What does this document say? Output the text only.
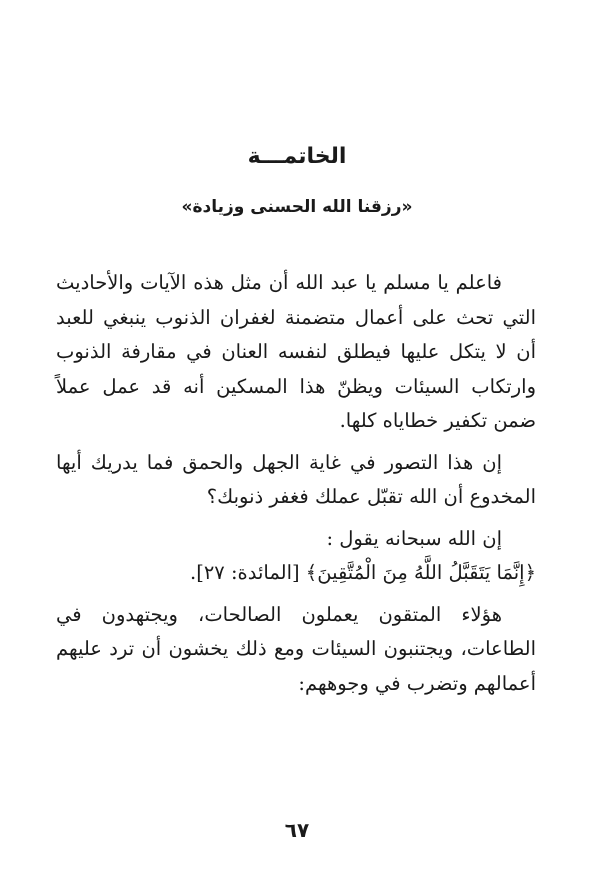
الخاتمـــة
«رزقنا الله الحسنى وزيادة»

فاعلم يا مسلم يا عبد الله أن مثل هذه الآيات والأحاديث التي تحث على أعمال متضمنة لغفران الذنوب ينبغي للعبد أن لا يتكل عليها فيطلق لنفسه العنان في مقارفة الذنوب وارتكاب السيئات ويظنّ هذا المسكين أنه قد عمل عملاً ضمن تكفير خطاياه كلها.

إن هذا التصور في غاية الجهل والحمق فما يدريك أيها المخدوع أن الله تقبّل عملك فغفر ذنوبك؟

إن الله سبحانه يقول :

﴿إِنَّمَا يَتَقَبَّلُ اللَّهُ مِنَ الْمُتَّقِينَ﴾ [المائدة: ٢٧].

هؤلاء المتقون يعملون الصالحات، ويجتهدون في الطاعات، ويجتنبون السيئات ومع ذلك يخشون أن ترد عليهم أعمالهم وتضرب في وجوههم:

٦٧
